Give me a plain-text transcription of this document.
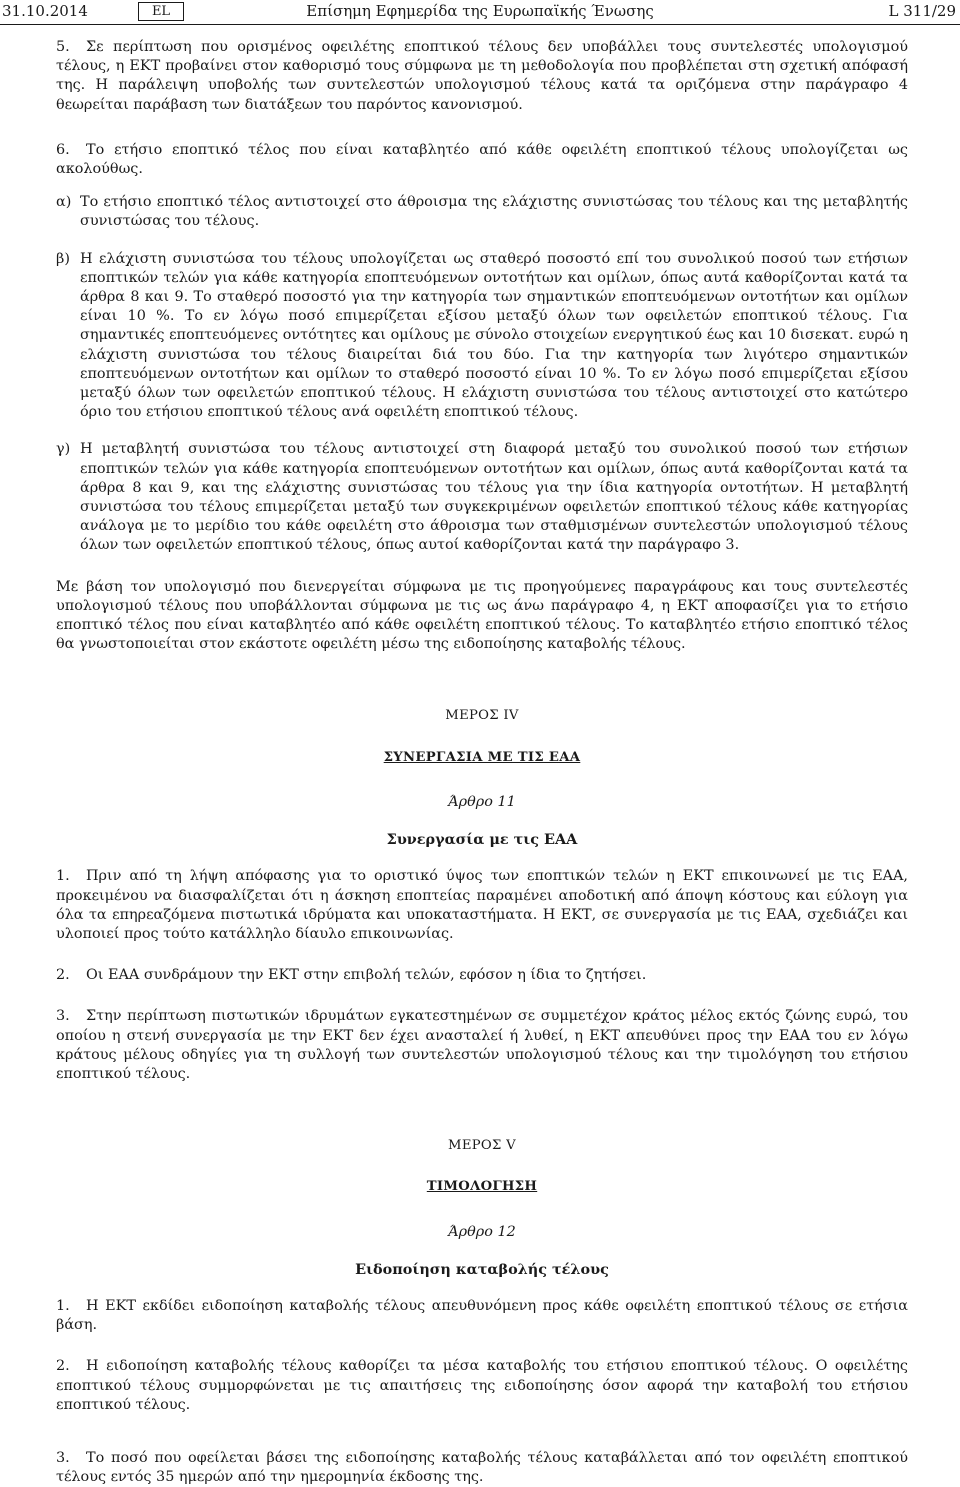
Επίσημη Εφημερίδα της Ευρωπαϊκής Ένωσης
31.10.2014	EL	L 311/29

5. Σε περίπτωση που ορισμένος οφειλέτης εποπτικού τέλους δεν υποβάλλει τους συντελεστές υπολογισμού τέλους, η ΕΚΤ προβαίνει στον καθορισμό τους σύμφωνα με τη μεθοδολογία που προβλέπεται στη σχετική απόφασή της. Η παράλειψη υποβολής των συντελεστών υπολογισμού τέλους κατά τα οριζόμενα στην παράγραφο 4 θεωρείται παράβαση των διατάξεων του παρόντος κανονισμού.

6. Το ετήσιο εποπτικό τέλος που είναι καταβλητέο από κάθε οφειλέτη εποπτικού τέλους υπολογίζεται ως ακολούθως.

α) Το ετήσιο εποπτικό τέλος αντιστοιχεί στο άθροισμα της ελάχιστης συνιστώσας του τέλους και της μεταβλητής συνιστώσας του τέλους.

β) Η ελάχιστη συνιστώσα του τέλους υπολογίζεται ως σταθερό ποσοστό επί του συνολικού ποσού των ετήσιων εποπτικών τελών για κάθε κατηγορία εποπτευόμενων οντοτήτων και ομίλων, όπως αυτά καθορίζονται κατά τα άρθρα 8 και 9. Το σταθερό ποσοστό για την κατηγορία των σημαντικών εποπτευόμενων οντοτήτων και ομίλων είναι 10 %. Το εν λόγω ποσό επιμερίζεται εξίσου μεταξύ όλων των οφειλετών εποπτικού τέλους. Για σημαντικές εποπτευόμενες οντότητες και ομίλους με σύνολο στοιχείων ενεργητικού έως και 10 δισεκατ. ευρώ η ελάχιστη συνιστώσα του τέλους διαιρείται διά του δύο. Για την κατηγορία των λιγότερο σημαντικών εποπτευόμενων οντοτήτων και ομίλων το σταθερό ποσοστό είναι 10 %. Το εν λόγω ποσό επιμερίζεται εξίσου μεταξύ όλων των οφειλετών εποπτικού τέλους. Η ελάχιστη συνιστώσα του τέλους αντιστοιχεί στο κατώτερο όριο του ετήσιου εποπτικού τέλους ανά οφειλέτη εποπτικού τέλους.

γ) Η μεταβλητή συνιστώσα του τέλους αντιστοιχεί στη διαφορά μεταξύ του συνολικού ποσού των ετήσιων εποπτικών τελών για κάθε κατηγορία εποπτευόμενων οντοτήτων και ομίλων, όπως αυτά καθορίζονται κατά τα άρθρα 8 και 9, και της ελάχιστης συνιστώσας του τέλους για την ίδια κατηγορία οντοτήτων. Η μεταβλητή συνιστώσα του τέλους επιμερίζεται μεταξύ των συγκεκριμένων οφειλετών εποπτικού τέλους κάθε κατηγορίας ανάλογα με το μερίδιο του κάθε οφειλέτη στο άθροισμα των σταθμισμένων συντελεστών υπολογισμού τέλους όλων των οφειλετών εποπτικού τέλους, όπως αυτοί καθορίζονται κατά την παράγραφο 3.

Με βάση τον υπολογισμό που διενεργείται σύμφωνα με τις προηγούμενες παραγράφους και τους συντελεστές υπολογισμού τέλους που υποβάλλονται σύμφωνα με τις ως άνω παράγραφο 4, η ΕΚΤ αποφασίζει για το ετήσιο εποπτικό τέλος που είναι καταβλητέο από κάθε οφειλέτη εποπτικού τέλους. Το καταβλητέο ετήσιο εποπτικό τέλος θα γνωστοποιείται στον εκάστοτε οφειλέτη μέσω της ειδοποίησης καταβολής τέλους.

ΜΕΡΟΣ IV

ΣΥΝΕΡΓΑΣΙΑ ΜΕ ΤΙΣ ΕΑΑ

Άρθρο 11

Συνεργασία με τις ΕΑΑ

1. Πριν από τη λήψη απόφασης για το οριστικό ύψος των εποπτικών τελών η ΕΚΤ επικοινωνεί με τις ΕΑΑ, προκειμένου να διασφαλίζεται ότι η άσκηση εποπτείας παραμένει αποδοτική από άποψη κόστους και εύλογη για όλα τα επηρεαζόμενα πιστωτικά ιδρύματα και υποκαταστήματα. Η ΕΚΤ, σε συνεργασία με τις ΕΑΑ, σχεδιάζει και υλοποιεί προς τούτο κατάλληλο δίαυλο επικοινωνίας.

2. Οι ΕΑΑ συνδράμουν την ΕΚΤ στην επιβολή τελών, εφόσον η ίδια το ζητήσει.

3. Στην περίπτωση πιστωτικών ιδρυμάτων εγκατεστημένων σε συμμετέχον κράτος μέλος εκτός ζώνης ευρώ, του οποίου η στενή συνεργασία με την ΕΚΤ δεν έχει ανασταλεί ή λυθεί, η ΕΚΤ απευθύνει προς την ΕΑΑ του εν λόγω κράτους μέλους οδηγίες για τη συλλογή των συντελεστών υπολογισμού τέλους και την τιμολόγηση του ετήσιου εποπτικού τέλους.

ΜΕΡΟΣ V

ΤΙΜΟΛΟΓΗΣΗ

Άρθρο 12

Ειδοποίηση καταβολής τέλους

1. Η ΕΚΤ εκδίδει ειδοποίηση καταβολής τέλους απευθυνόμενη προς κάθε οφειλέτη εποπτικού τέλους σε ετήσια βάση.

2. Η ειδοποίηση καταβολής τέλους καθορίζει τα μέσα καταβολής του ετήσιου εποπτικού τέλους. Ο οφειλέτης εποπτικού τέλους συμμορφώνεται με τις απαιτήσεις της ειδοποίησης όσον αφορά την καταβολή του ετήσιου εποπτικού τέλους.

3. Το ποσό που οφείλεται βάσει της ειδοποίησης καταβολής τέλους καταβάλλεται από τον οφειλέτη εποπτικού τέλους εντός 35 ημερών από την ημερομηνία έκδοσης της.
